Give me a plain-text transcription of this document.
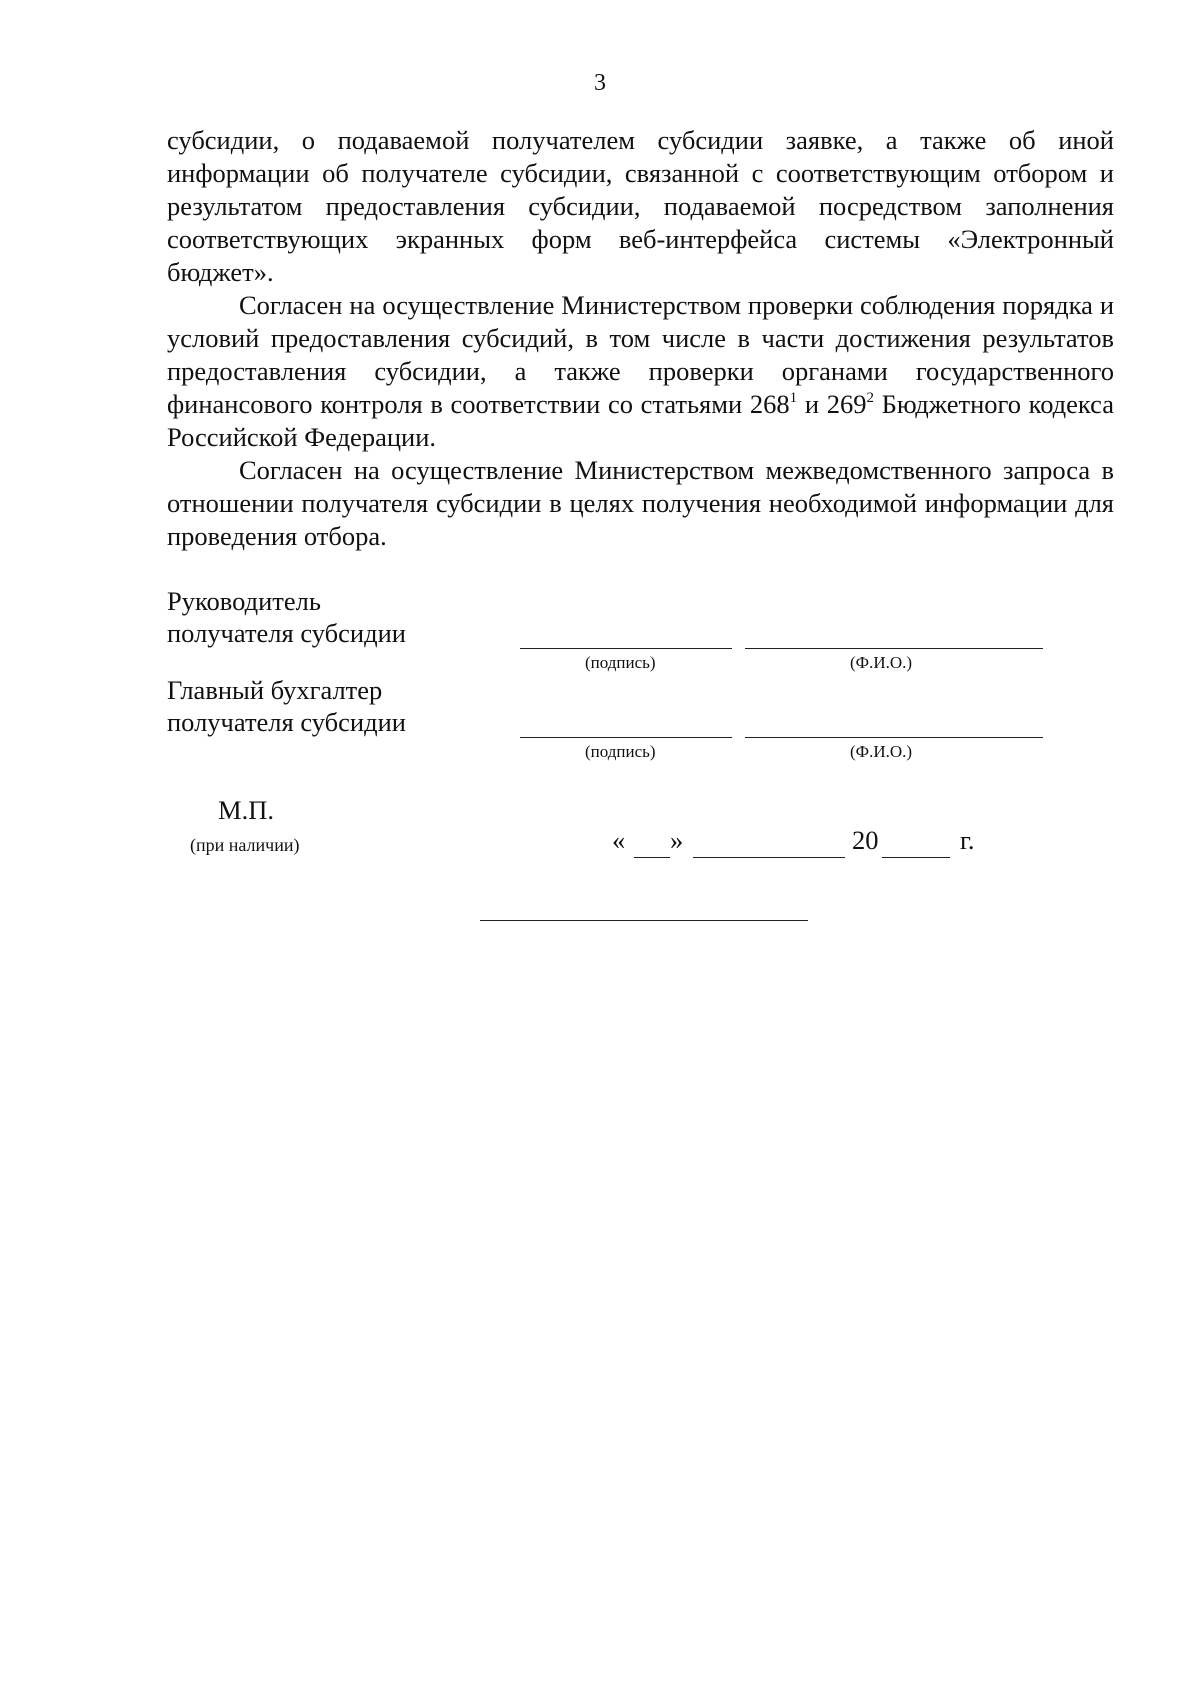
3

субсидии, о подаваемой получателем субсидии заявке, а также об иной информации об получателе субсидии, связанной с соответствующим отбором и результатом предоставления субсидии, подаваемой посредством заполнения соответствующих экранных форм веб-интерфейса системы «Электронный бюджет».

Согласен на осуществление Министерством проверки соблюдения порядка и условий предоставления субсидий, в том числе в части достижения результатов предоставления субсидии, а также проверки органами государственного финансового контроля в соответствии со статьями $268^1$ и $269^2$ Бюджетного кодекса Российской Федерации.

Согласен на осуществление Министерством межведомственного запроса в отношении получателя субсидии в целях получения необходимой информации для проведения отбора.

Руководитель
получателя субсидии
(подпись)	(Ф.И.О.)
Главный бухгалтер
получателя субсидии
(подпись)	(Ф.И.О.)
М.П.
(при наличии)	« »	20	г.
